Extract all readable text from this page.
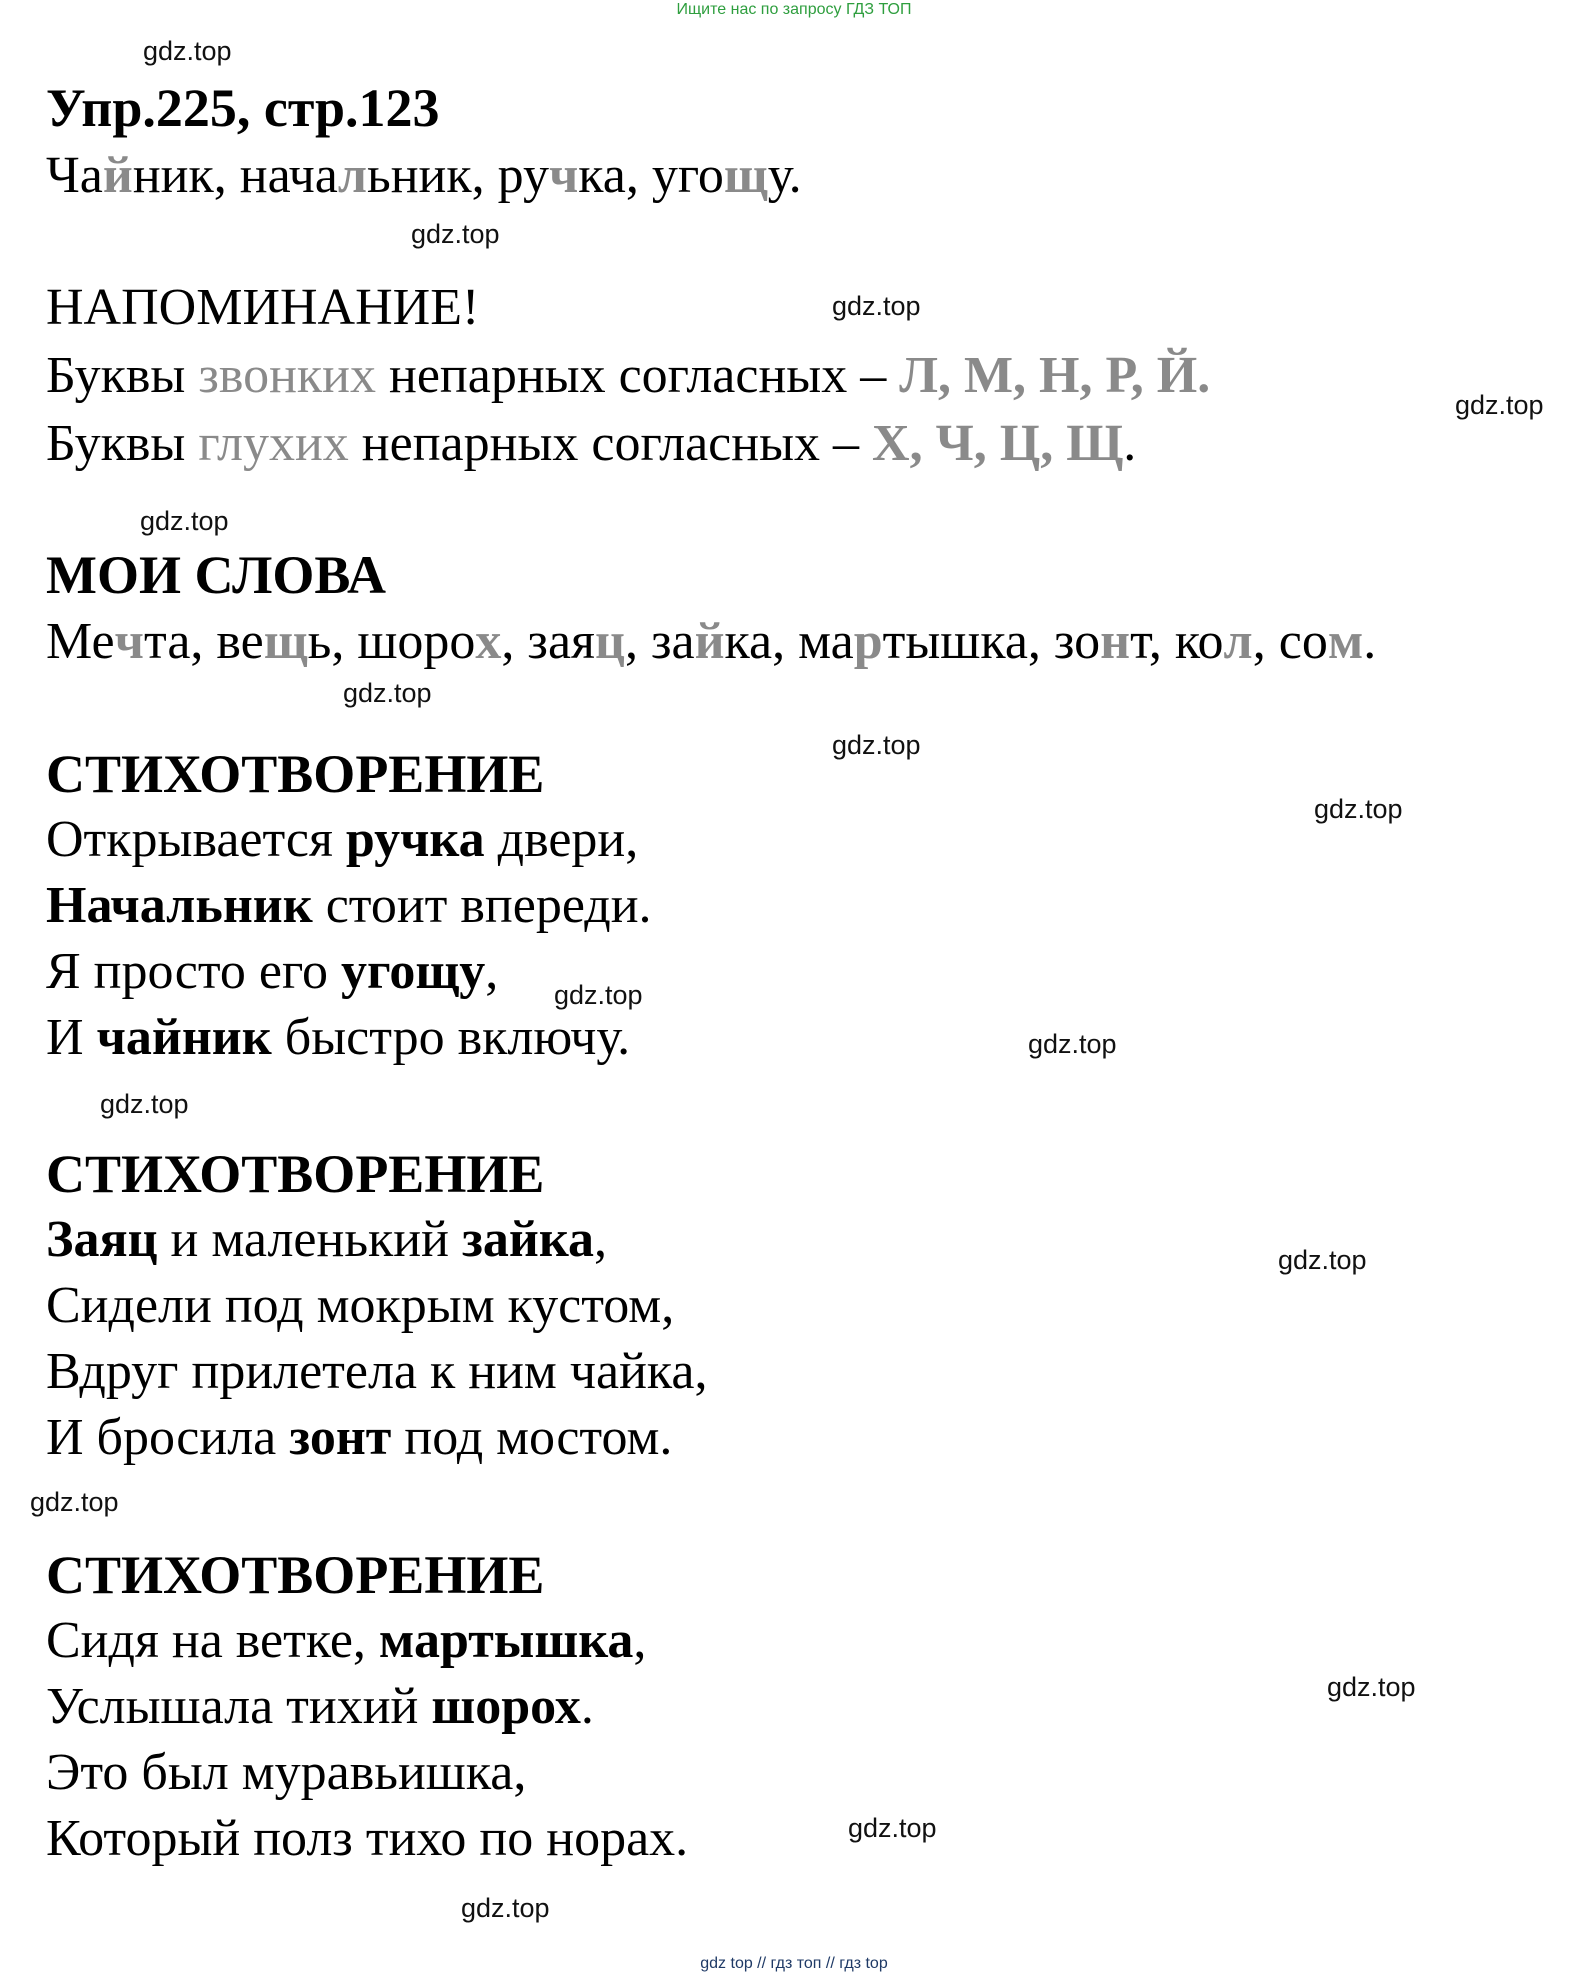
Ищите нас по запросу ГДЗ ТОП
Упр.225, стр.123
Чайник, начальник, ручка, угощу.
НАПОМИНАНИЕ!
Буквы звонких непарных согласных – Л, М, Н, Р, Й.
Буквы глухих непарных согласных – Х, Ч, Ц, Щ.
МОИ СЛОВА
Мечта, вещь, шорох, заяц, зайка, мартышка, зонт, кол, сом.
СТИХОТВОРЕНИЕ
Открывается ручка двери,
Начальник стоит впереди.
Я просто его угощу,
И чайник быстро включу.
СТИХОТВОРЕНИЕ
Заяц и маленький зайка,
Сидели под мокрым кустом,
Вдруг прилетела к ним чайка,
И бросила зонт под мостом.
СТИХОТВОРЕНИЕ
Сидя на ветке, мартышка,
Услышала тихий шорох.
Это был муравьишка,
Который полз тихо по норах.
gdz.top
gdz.top
gdz.top
gdz.top
gdz.top
gdz.top
gdz.top
gdz.top
gdz.top
gdz.top
gdz.top
gdz.top
gdz.top
gdz.top
gdz.top
gdz.top
gdz top // гдз топ // гдз top
